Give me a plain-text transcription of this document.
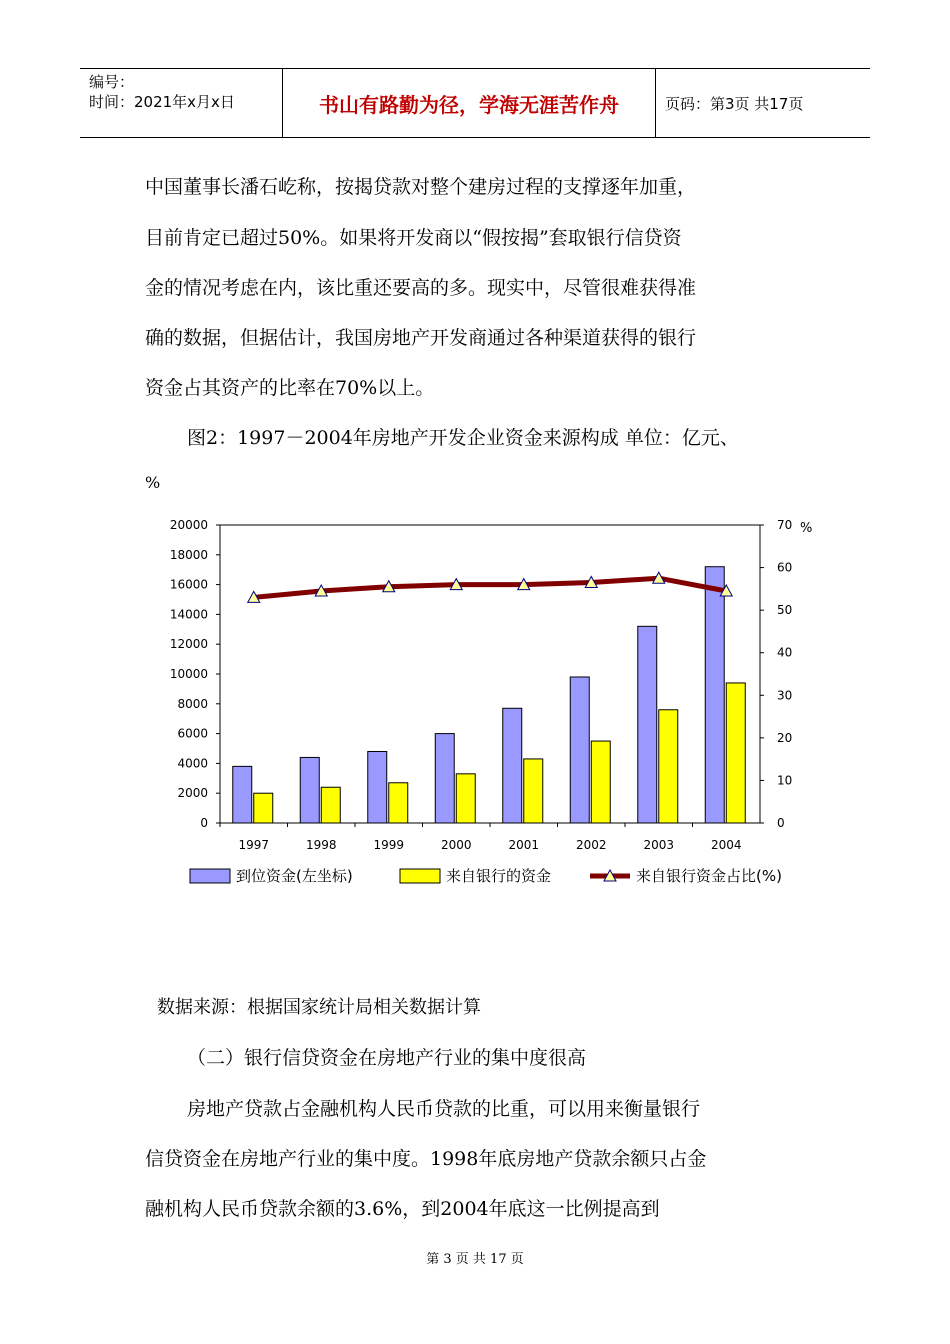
编号：
时间：2021年x月x日	书山有路勤为径，学海无涯苦作舟	页码：第3页 共17页
中国董事长潘石屹称，按揭贷款对整个建房过程的支撑逐年加重，
目前肯定已超过50%。如果将开发商以“假按揭”套取银行信贷资
金的情况考虑在内，该比重还要高的多。现实中，尽管很难获得准
确的数据，但据估计，我国房地产开发商通过各种渠道获得的银行
资金占其资产的比率在70%以上。
图2：1997－2004年房地产开发企业资金来源构成 单位：亿元、
%
0
2000
4000
6000
8000
10000
12000
14000
16000
18000
20000
0
10
20
30
40
50
60
70 %
1997	1998	1999	2000	2001	2002	2003	2004
到位资金(左坐标)	来自银行的资金	来自银行资金占比(%)
数据来源：根据国家统计局相关数据计算
（二）银行信贷资金在房地产行业的集中度很高
房地产贷款占金融机构人民币贷款的比重，可以用来衡量银行
信贷资金在房地产行业的集中度。1998年底房地产贷款余额只占金
融机构人民币贷款余额的3.6%，到2004年底这一比例提高到
第 3 页 共 17 页
